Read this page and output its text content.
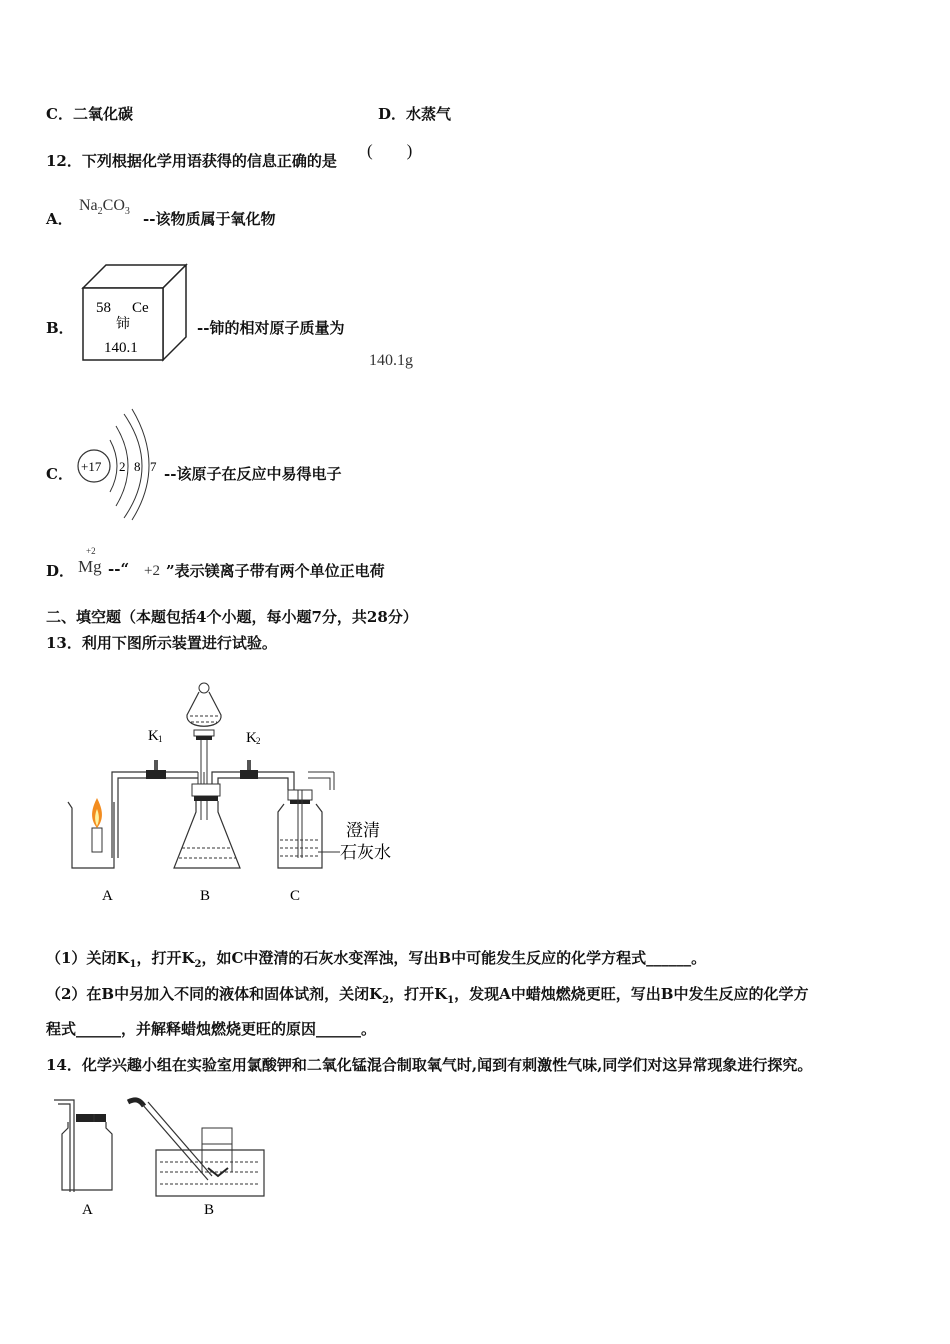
C．二氧化碳	D．水蒸气
12．下列根据化学用语获得的信息正确的是
(　　)
A．
$Na_2CO_3$ --该物质属于氧化物
B．
58 Ce
铈
140.1
--铈的相对原子质量为
140.1g
C． +17 2 8 7 --该原子在反应中易得电子
D．
+2
Mg --“ +2 ”表示镁离子带有两个单位正电荷
二、填空题（本题包括4个小题，每小题7分，共28分）
13．利用下图所示装置进行试验。
K 1	K 2
澄清
石灰水
A	B	C
（1）关闭$K_1$，打开$K_2$，如C中澄清的石灰水变浑浊，写出B中可能发生反应的化学方程式______。
（2）在B中另加入不同的液体和固体试剂，关闭$K_2$，打开$K_1$，发现A中蜡烛燃烧更旺，写出B中发生反应的化学方
程式______，并解释蜡烛燃烧更旺的原因______。
14．化学兴趣小组在实验室用氯酸钾和二氧化锰混合制取氧气时,闻到有刺激性气味,同学们对这异常现象进行探究。
A	B
